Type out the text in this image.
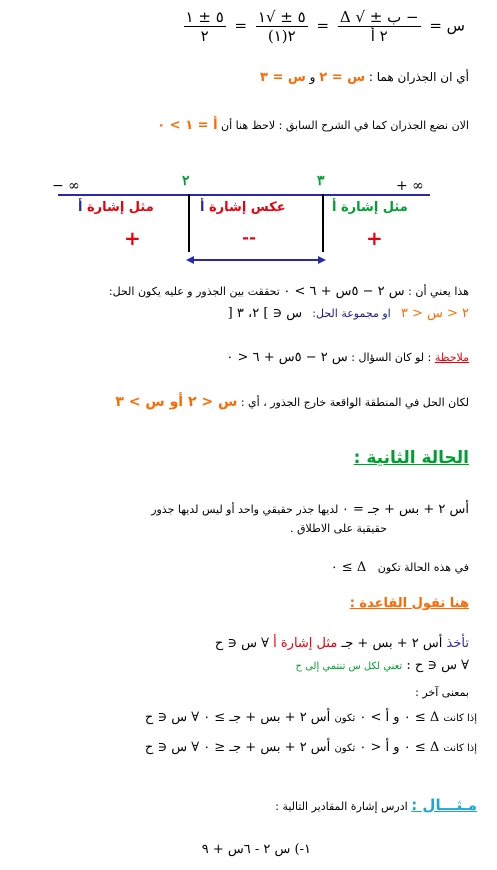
س =
$\frac{\text{− ب ± √ Δ}}{\text{٢ أ}}$
=
$\frac{٥ \pm √١}{٢(١)}$
=
$\frac{٥ \pm ١}{٢}$
أي ان الجذران هما : س = ٢ و س = ٣
الان نضع الجذران كما في الشرح السابق : لاحظ هنا أن أ = ١ > ٠
− ∞	٢	٣	+ ∞
مثل إشارة أ	عكس إشارة أ	مثل إشارة أ
+	--	+
هذا يعني أن : س ٢ − ٥س + ٦ > ٠ تحققت بين الجذور و عليه يكون الحل:
٢ < س < ٣ او مجموعة الحل: س ∈ ] ٢، ٣ [
ملاحظة : لو كان السؤال : س ٢ − ٥س + ٦ < ٠
لكان الحل في المنطقة الواقعة خارج الجذور ، أي : س < ٢ أو س > ٣
الحالة الثانية :
أس ٢ + بس + جـ = ٠ لديها جذر حقيقي واحد أو ليس لديها جذور
حقيقية على الاطلاق .
في هذه الحالة تكون Δ ≥ ٠
هنا تقول القاعدة :
تأخذ أس ٢ + بس + جـ مثل إشارة أ ∀ س ∈ ح
∀ س ∈ ح : تعني لكل س تنتمي إلى ح
بمعنى آخر :
إذا كانت Δ ≥ ٠ و أ > ٠ تكون أس ٢ + بس + جـ ≥ ٠ ∀ س ∈ ح
إذا كانت Δ ≥ ٠ و أ < ٠ تكون أس ٢ + بس + جـ ≤ ٠ ∀ س ∈ ح
مـثـــال : ادرس إشارة المقادير التالية :
١-) س ٢ - ٦س + ٩
